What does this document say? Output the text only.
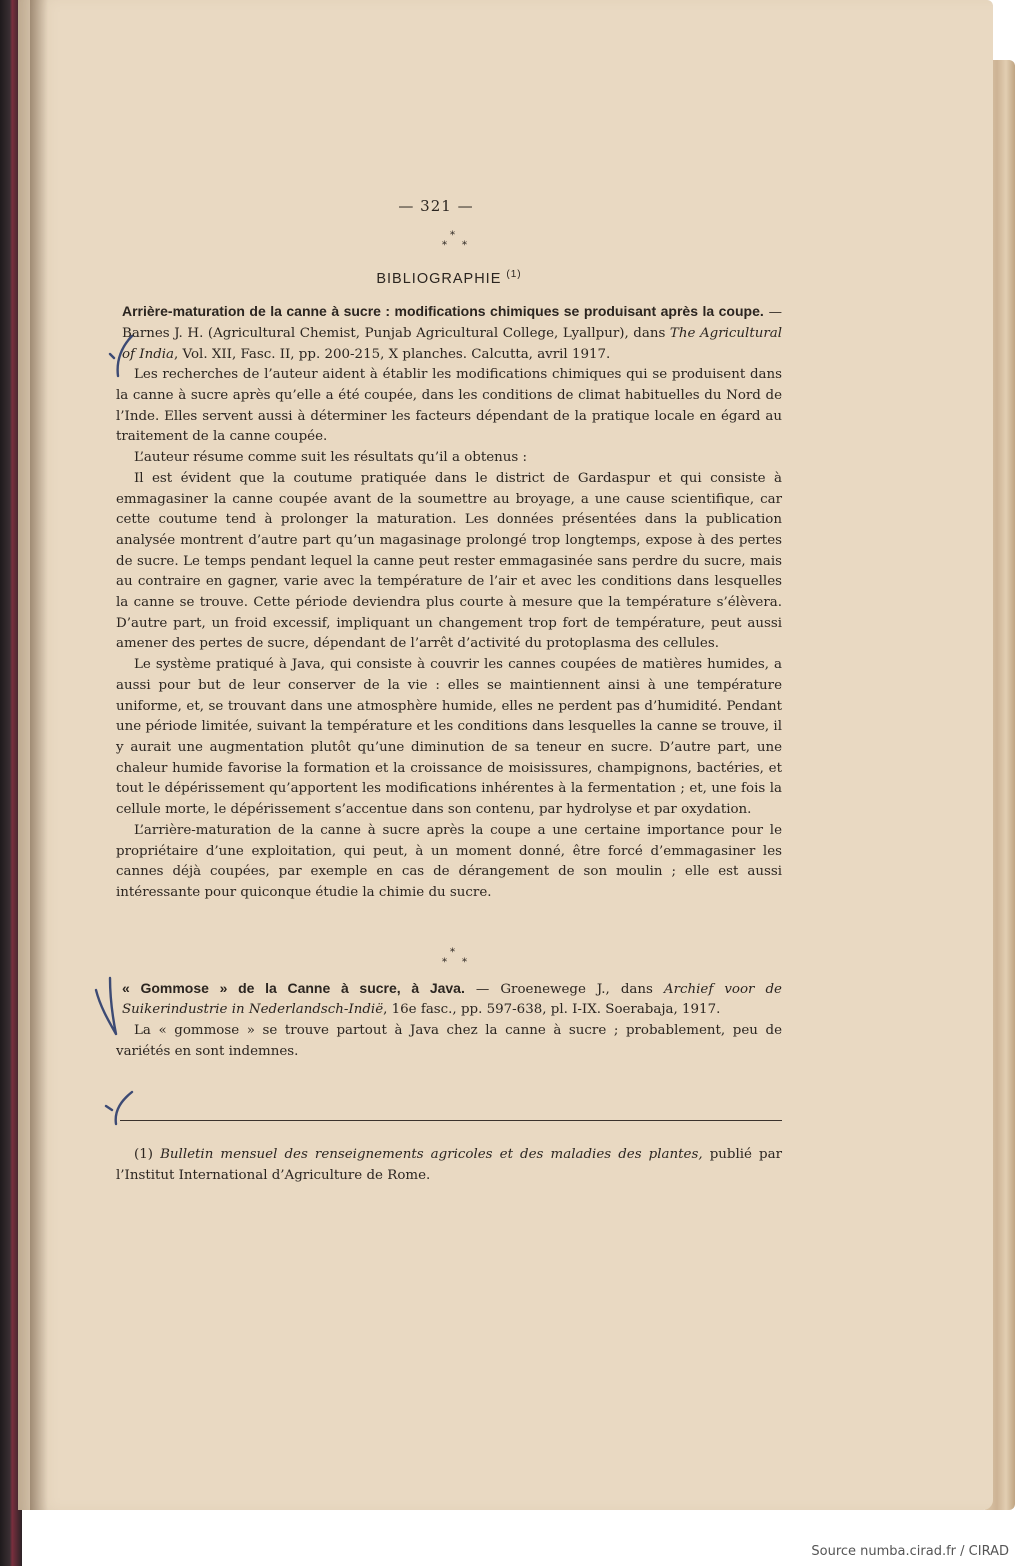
— 321 —
*
* *
BIBLIOGRAPHIE $^{(1)}$
Arrière-maturation de la canne à sucre : modifications chimiques se produisant après la coupe. — Barnes J. H. (Agricultural Chemist, Punjab Agricultural College, Lyallpur), dans The Agricultural of India, Vol. XII, Fasc. II, pp. 200-215, X planches. Calcutta, avril 1917.

Les recherches de l’auteur aident à établir les modifications chimiques qui se produisent dans la canne à sucre après qu’elle a été coupée, dans les conditions de climat habituelles du Nord de l’Inde. Elles servent aussi à déterminer les facteurs dépendant de la pratique locale en égard au traitement de la canne coupée.

L’auteur résume comme suit les résultats qu’il a obtenus :

Il est évident que la coutume pratiquée dans le district de Gardaspur et qui consiste à emmagasiner la canne coupée avant de la soumettre au broyage, a une cause scientifique, car cette coutume tend à prolonger la maturation. Les données présentées dans la publication analysée montrent d’autre part qu’un magasinage prolongé trop longtemps, expose à des pertes de sucre. Le temps pendant lequel la canne peut rester emmagasinée sans perdre du sucre, mais au contraire en gagner, varie avec la température de l’air et avec les conditions dans lesquelles la canne se trouve. Cette période deviendra plus courte à mesure que la température s’élèvera. D’autre part, un froid excessif, impliquant un changement trop fort de température, peut aussi amener des pertes de sucre, dépendant de l’arrêt d’activité du protoplasma des cellules.

Le système pratiqué à Java, qui consiste à couvrir les cannes coupées de matières humides, a aussi pour but de leur conserver de la vie : elles se maintiennent ainsi à une température uniforme, et, se trouvant dans une atmosphère humide, elles ne perdent pas d’humidité. Pendant une période limitée, suivant la température et les conditions dans lesquelles la canne se trouve, il y aurait une augmentation plutôt qu’une diminution de sa teneur en sucre. D’autre part, une chaleur humide favorise la formation et la croissance de moisissures, champignons, bactéries, et tout le dépérissement qu’apportent les modifications inhérentes à la fermentation ; et, une fois la cellule morte, le dépérissement s’accentue dans son contenu, par hydrolyse et par oxydation.

L’arrière-maturation de la canne à sucre après la coupe a une certaine importance pour le propriétaire d’une exploitation, qui peut, à un moment donné, être forcé d’emmagasiner les cannes déjà coupées, par exemple en cas de dérangement de son moulin ; elle est aussi intéressante pour quiconque étudie la chimie du sucre.

*
* *
« Gommose » de la Canne à sucre, à Java. — Groenewege J., dans Archief voor de Suikerindustrie in Nederlandsch-Indië, 16e fasc., pp. 597-638, pl. I-IX. Soerabaja, 1917.

La « gommose » se trouve partout à Java chez la canne à sucre ; probablement, peu de variétés en sont indemnes.

(1) Bulletin mensuel des renseignements agricoles et des maladies des plantes, publié par l’Institut International d’Agriculture de Rome.

Source numba.cirad.fr / CIRAD
